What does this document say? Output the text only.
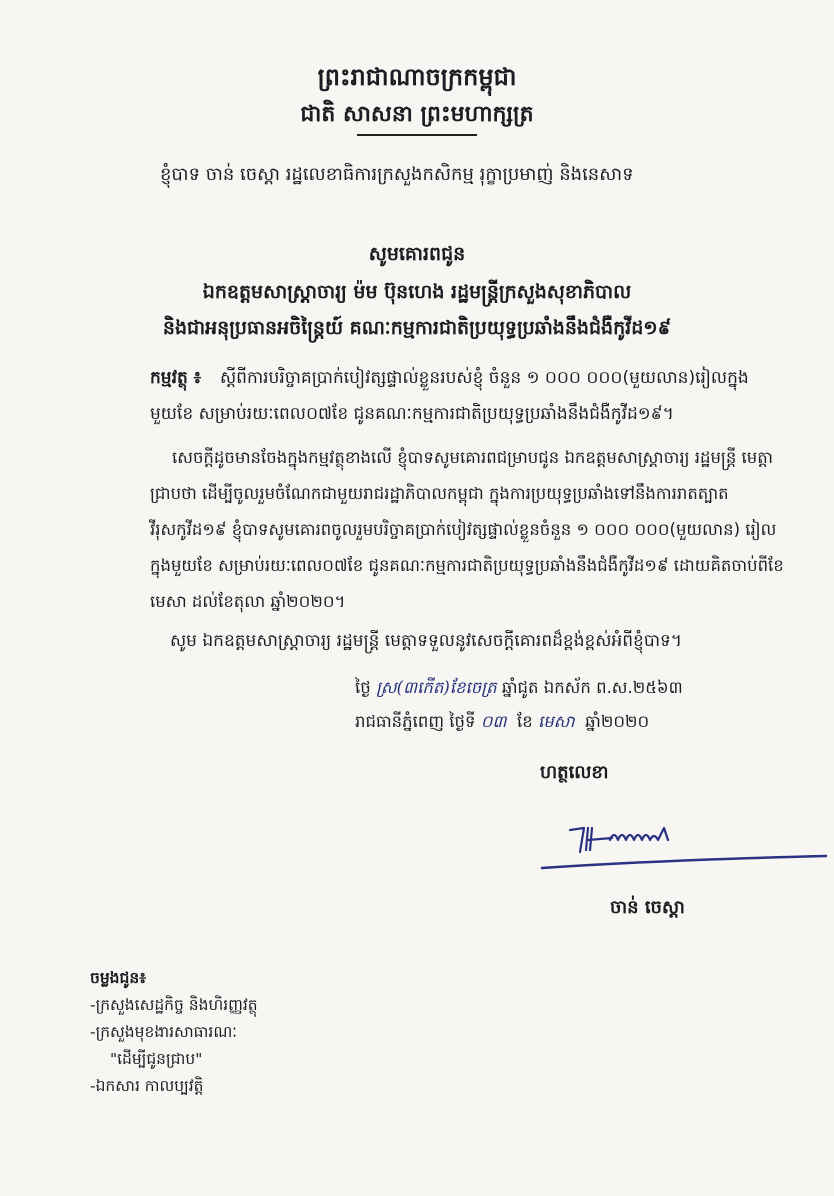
ព្រះរាជាណាចក្រកម្ពុជា
ជាតិ សាសនា ព្រះមហាក្សត្រ
ខ្ញុំបាទ ចាន់ ចេស្តា រដ្ឋលេខាធិការក្រសួងកសិកម្ម រុក្ខាប្រមាញ់ និងនេសាទ
សូមគោរពជូន
ឯកឧត្តមសាស្ត្រាចារ្យ ម៉ម ប៊ុនហេង រដ្ឋមន្ត្រីក្រសួងសុខាភិបាល
និងជាអនុប្រធានអចិន្ត្រៃយ៍ គណៈកម្មការជាតិប្រយុទ្ធប្រឆាំងនឹងជំងឺកូវីដ១៩
កម្មវត្ថុ ៖	ស្តីពីការបរិច្ចាគប្រាក់បៀវត្សផ្ទាល់ខ្លួនរបស់ខ្ញុំ ចំនួន ១ ០០០ ០០០(មួយលាន)រៀលក្នុងមួយខែ សម្រាប់រយៈពេល០៧ខែ ជូនគណៈកម្មការជាតិប្រយុទ្ធប្រឆាំងនឹងជំងឺកូវីដ១៩។
សេចក្តីដូចមានចែងក្នុងកម្មវត្ថុខាងលើ ខ្ញុំបាទសូមគោរពជម្រាបជូន ឯកឧត្តមសាស្ត្រាចារ្យ រដ្ឋមន្ត្រី មេត្តាជ្រាបថា ដើម្បីចូលរួមចំណែកជាមួយរាជរដ្ឋាភិបាលកម្ពុជា ក្នុងការប្រយុទ្ធប្រឆាំងទៅនឹងការរាតត្បាតវីរុសកូវីដ១៩ ខ្ញុំបាទសូមគោរពចូលរួមបរិច្ចាគប្រាក់បៀវត្សផ្ទាល់ខ្លួនចំនួន ១ ០០០ ០០០(មួយលាន) រៀលក្នុងមួយខែ សម្រាប់រយៈពេល០៧ខែ ជូនគណៈកម្មការជាតិប្រយុទ្ធប្រឆាំងនឹងជំងឺកូវីដ១៩ ដោយគិតចាប់ពីខែមេសា ដល់ខែតុលា ឆ្នាំ២០២០។
សូម ឯកឧត្តមសាស្ត្រាចារ្យ រដ្ឋមន្ត្រី មេត្តាទទួលនូវសេចក្តីគោរពដ៏ខ្ពង់ខ្ពស់អំពីខ្ញុំបាទ។
ថ្ងៃ ស្រ(៣កើត)ខែចេត្រ ឆ្នាំជូត ឯកស័ក ព.ស.២៥៦៣
រាជធានីភ្នំពេញ ថ្ងៃទី ០៣ ខែ មេសា ឆ្នាំ២០២០
ហត្ថលេខា
ចាន់ ចេស្តា
ចម្លងជូន៖
-ក្រសួងសេដ្ឋកិច្ច និងហិរញ្ញវត្ថុ
-ក្រសួងមុខងារសាធារណៈ
"ដើម្បីជូនជ្រាប"
-ឯកសារ កាលប្បវត្តិ
